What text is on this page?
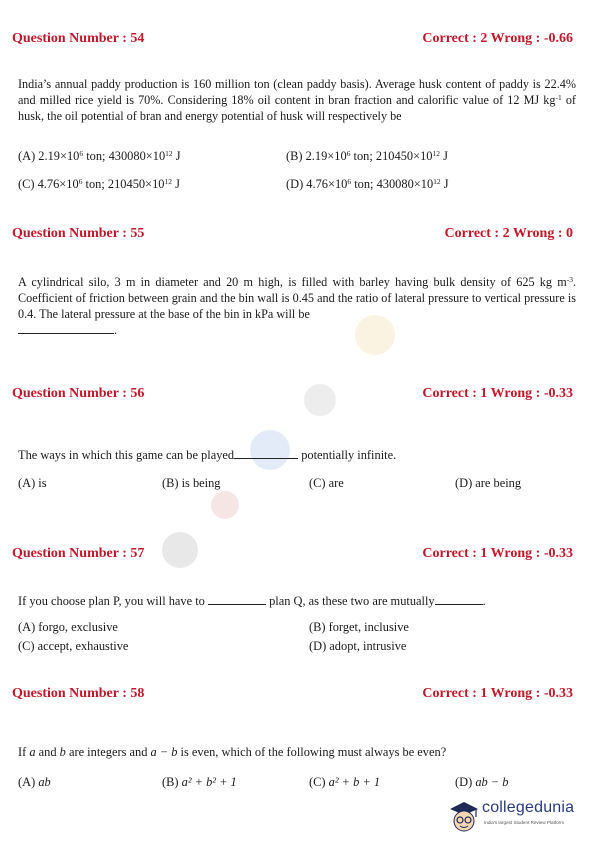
Question Number : 54	Correct : 2 Wrong : -0.66
India’s annual paddy production is 160 million ton (clean paddy basis). Average husk content of paddy is 22.4% and milled rice yield is 70%. Considering 18% oil content in bran fraction and calorific value of 12 MJ $kg^{-1}$ of husk, the oil potential of bran and energy potential of husk will respectively be
(A) $2.19\times 10^6$ ton; $430080\times 10^{12}$ J	(B) $2.19\times 10^6$ ton; $210450\times 10^{12}$ J
(C) $4.76\times 10^6$ ton; $210450\times 10^{12}$ J	(D) $4.76\times 10^6$ ton; $430080\times 10^{12}$ J
Question Number : 55	Correct : 2 Wrong : 0
A cylindrical silo, 3 m in diameter and 20 m high, is filled with barley having bulk density of 625 kg $m^{-3}$. Coefficient of friction between grain and the bin wall is 0.45 and the ratio of lateral pressure to vertical pressure is 0.4. The lateral pressure at the base of the bin in kPa will be
.
Question Number : 56	Correct : 1 Wrong : -0.33
The ways in which this game can be played	potentially infinite.
(A) is	(B) is being	(C) are	(D) are being
Question Number : 57	Correct : 1 Wrong : -0.33
If you choose plan P, you will have to	plan Q, as these two are mutually	.
(A) forgo, exclusive	(B) forget, inclusive
(C) accept, exhaustive	(D) adopt, intrusive
Question Number : 58	Correct : 1 Wrong : -0.33
If a and b are integers and a − b is even, which of the following must always be even?
(A) ab	(B) a² + b² + 1	(C) a² + b + 1	(D) ab − b
collegedunia
India's largest Student Review Platform
